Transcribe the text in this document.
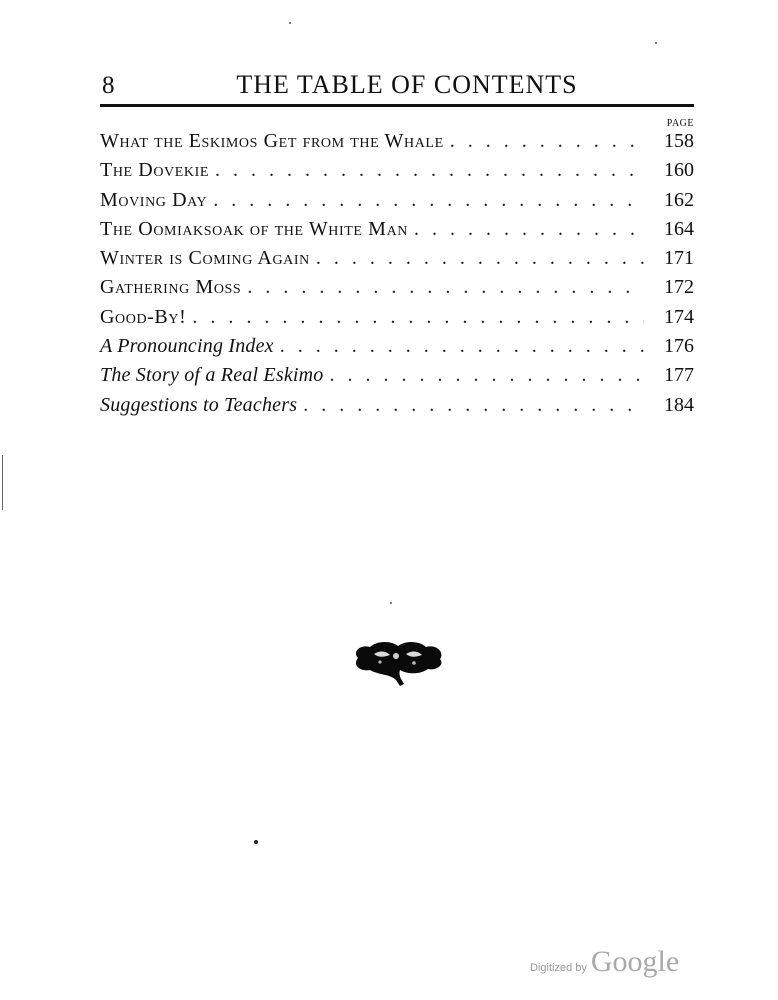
8	THE TABLE OF CONTENTS
PAGE
What the Eskimos Get from the Whale .....	158
The Dovekie .....	160
Moving Day .....	162
The Oomiaksoak of the White Man .....	164
Winter is Coming Again .....	171
Gathering Moss .....	172
Good-By! .....	174
A Pronouncing Index .....	176
The Story of a Real Eskimo .....	177
Suggestions to Teachers .....	184
Digitized by Google
